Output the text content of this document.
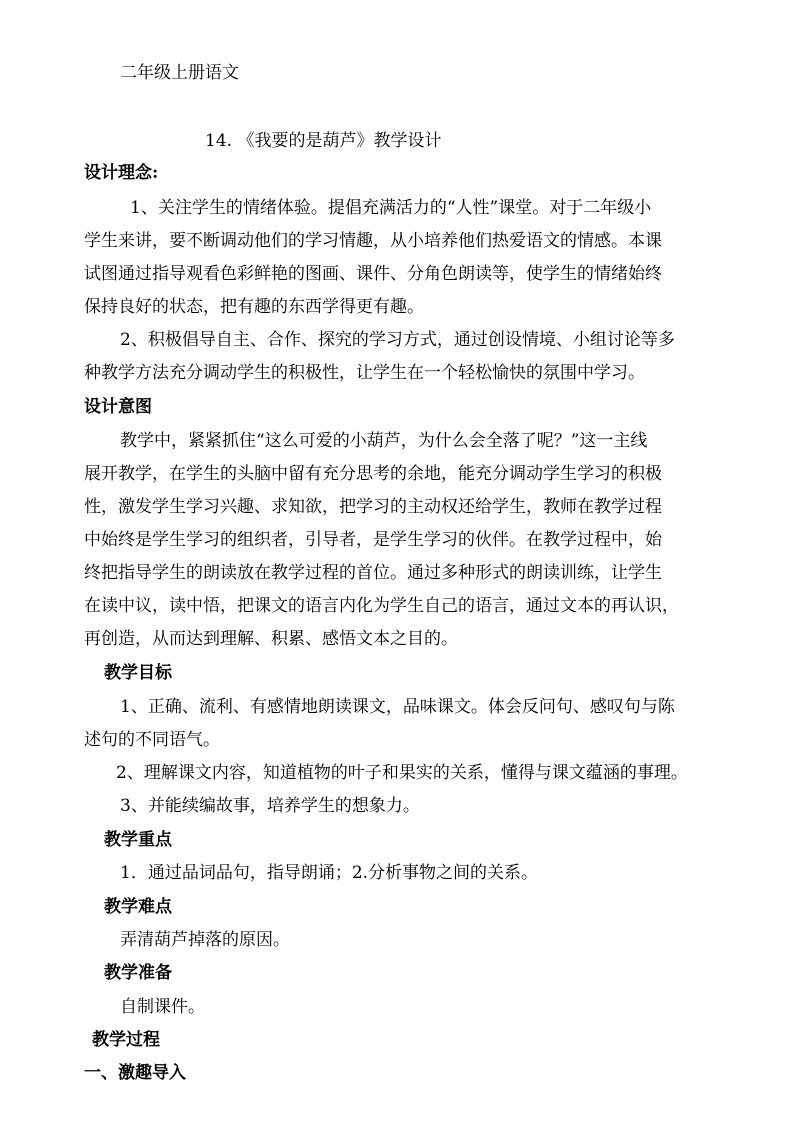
二年级上册语文
14. 《我要的是葫芦》教学设计
设计理念:
1、关注学生的情绪体验。提倡充满活力的“人性”课堂。对于二年级小
学生来讲，要不断调动他们的学习情趣，从小培养他们热爱语文的情感。本课
试图通过指导观看色彩鲜艳的图画、课件、分角色朗读等，使学生的情绪始终
保持良好的状态，把有趣的东西学得更有趣。
2、积极倡导自主、合作、探究的学习方式，通过创设情境、小组讨论等多
种教学方法充分调动学生的积极性，让学生在一个轻松愉快的氛围中学习。
设计意图
教学中，紧紧抓住“这么可爱的小葫芦，为什么会全落了呢？”这一主线
展开教学，在学生的头脑中留有充分思考的余地，能充分调动学生学习的积极
性，激发学生学习兴趣、求知欲，把学习的主动权还给学生，教师在教学过程
中始终是学生学习的组织者，引导者，是学生学习的伙伴。在教学过程中，始
终把指导学生的朗读放在教学过程的首位。通过多种形式的朗读训练，让学生
在读中议，读中悟，把课文的语言内化为学生自己的语言，通过文本的再认识，
再创造，从而达到理解、积累、感悟文本之目的。
教学目标
1、正确、流利、有感情地朗读课文，品味课文。体会反问句、感叹句与陈
述句的不同语气。
2、理解课文内容，知道植物的叶子和果实的关系，懂得与课文蕴涵的事理。
3、并能续编故事，培养学生的想象力。
教学重点
1．通过品词品句，指导朗诵；2.分析事物之间的关系。
教学难点
弄清葫芦掉落的原因。
教学准备
自制课件。
教学过程
一、激趣导入
